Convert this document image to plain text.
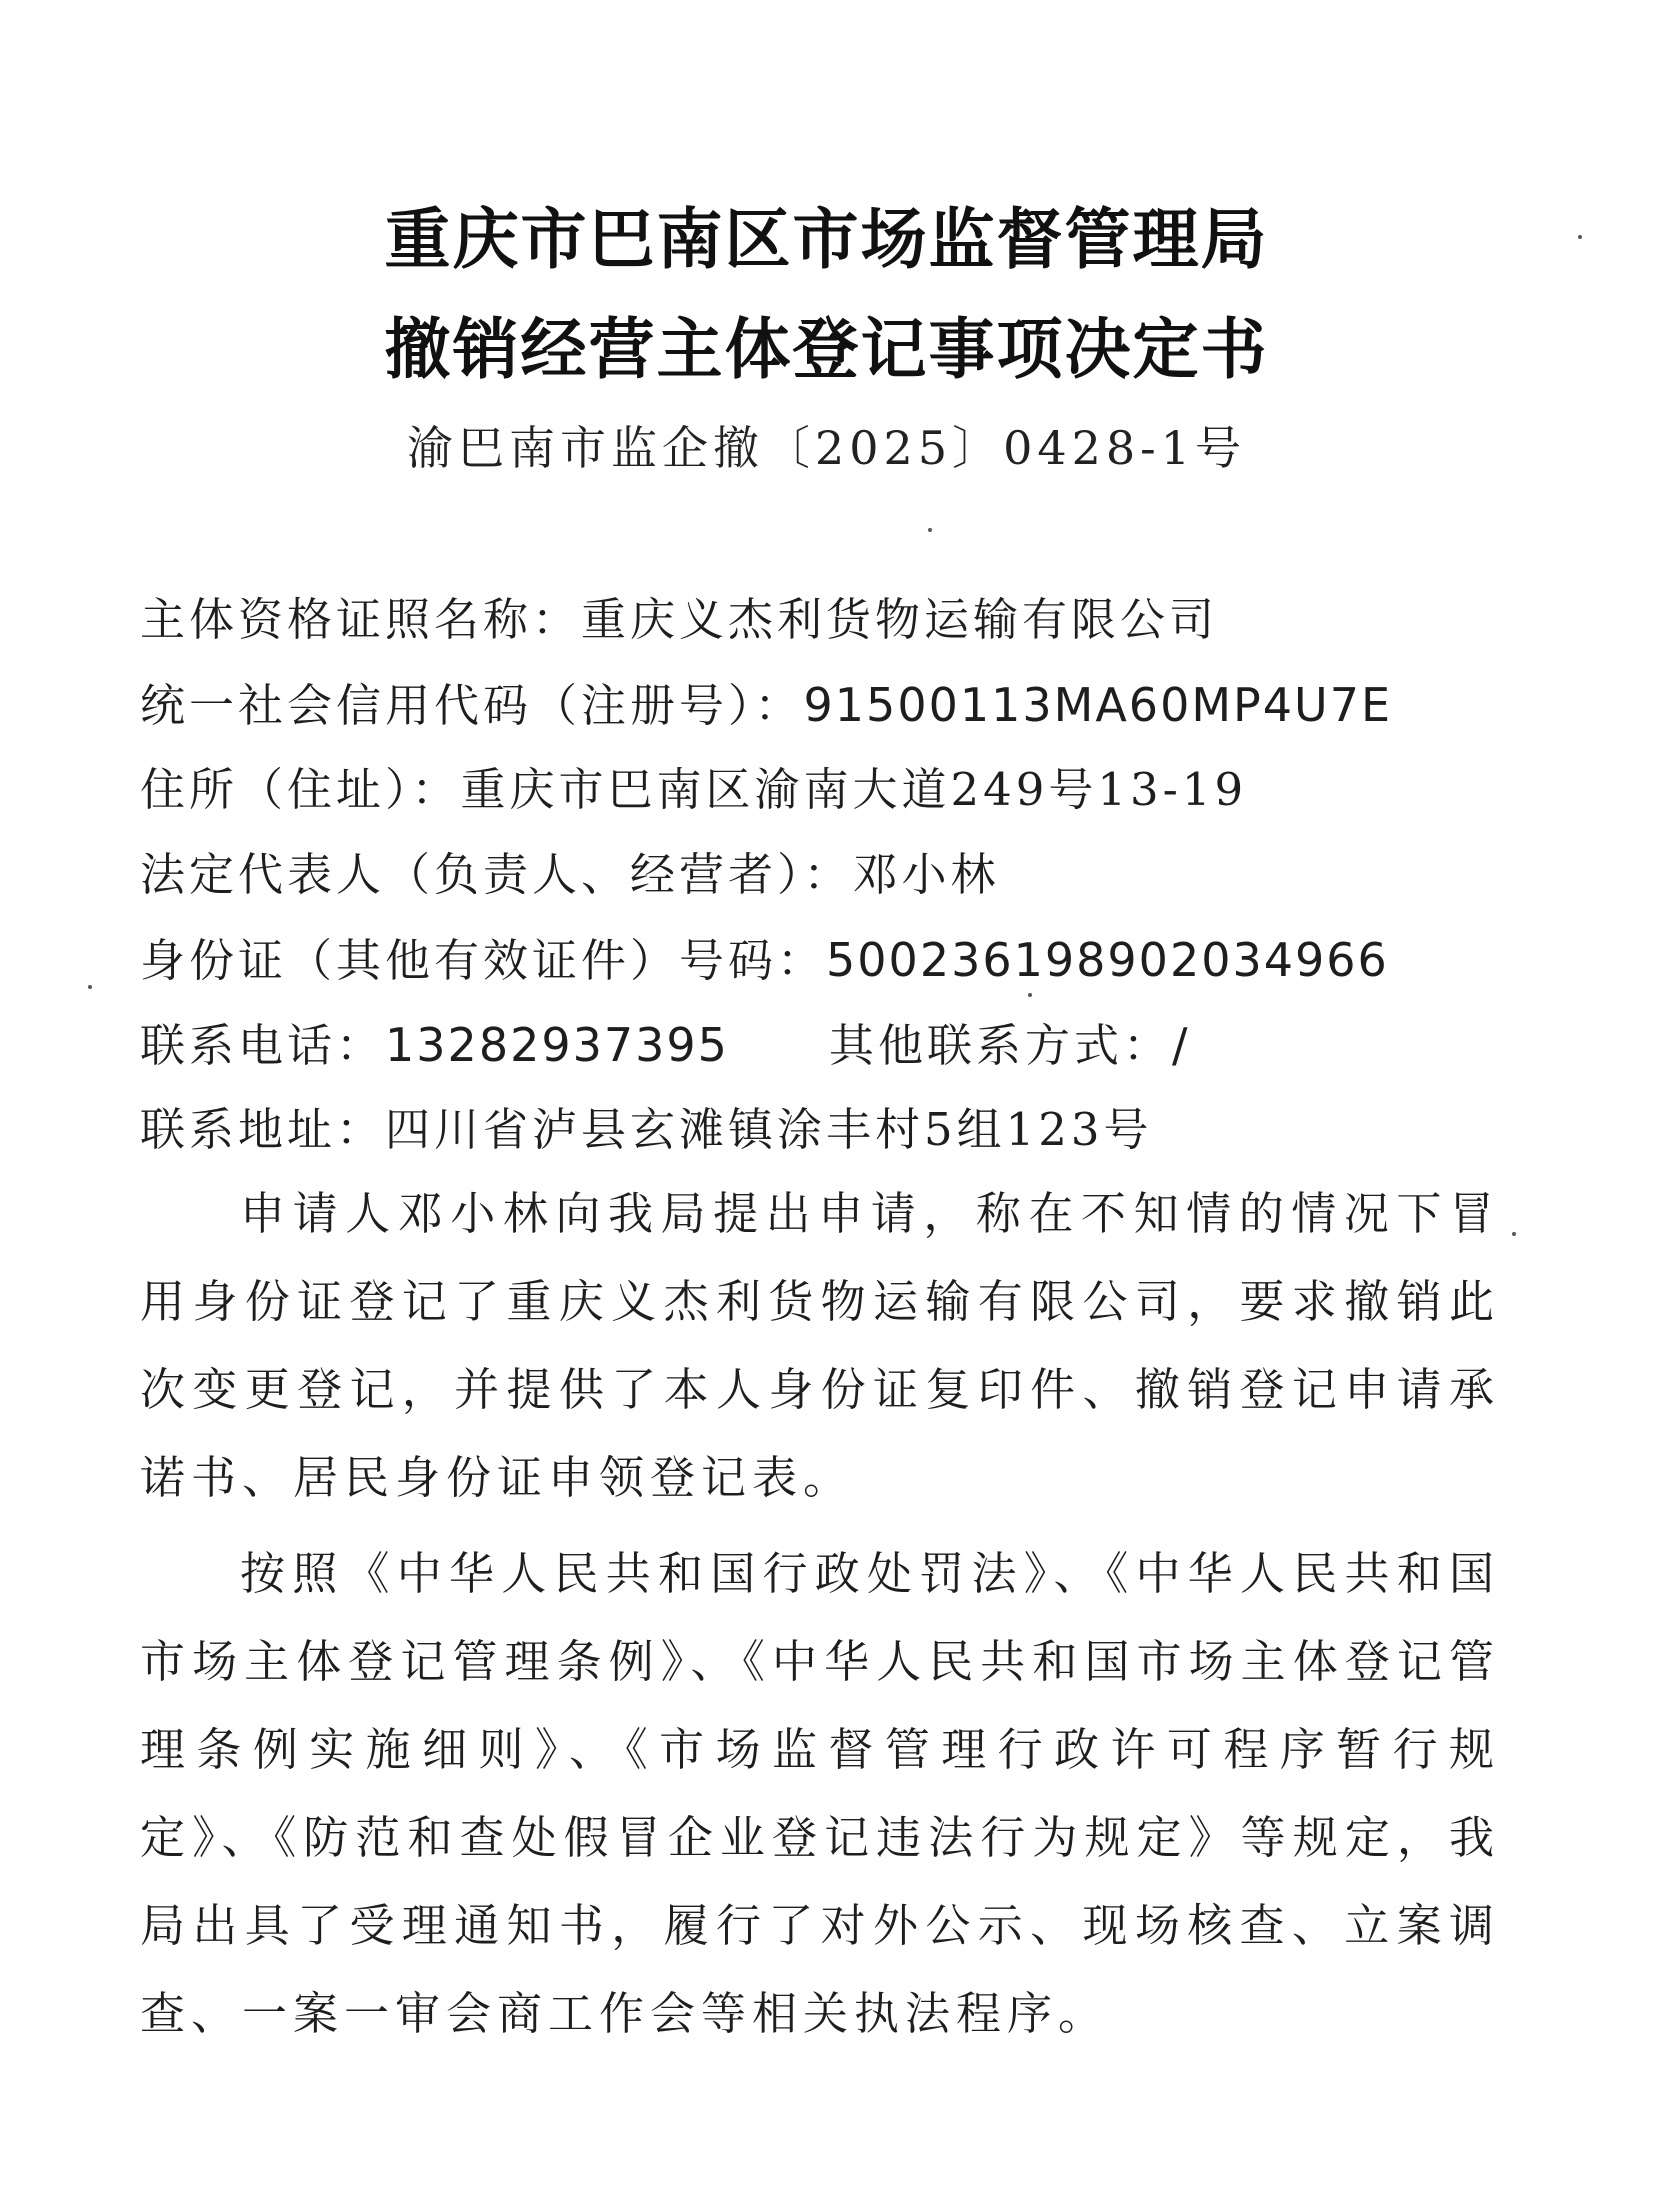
重庆市巴南区市场监督管理局
撤销经营主体登记事项决定书
渝巴南市监企撤〔2025〕0428-1号
主体资格证照名称：重庆义杰利货物运输有限公司
统一社会信用代码（注册号）：91500113MA60MP4U7E
住所（住址）：重庆市巴南区渝南大道249号13-19
法定代表人（负责人、经营者）：邓小林
身份证（其他有效证件）号码：500236198902034966
联系电话：13282937395 其他联系方式：/
联系地址：四川省泸县玄滩镇涂丰村5组123号
申请人邓小林向我局提出申请，称在不知情的情况下冒用身份证登记了重庆义杰利货物运输有限公司，要求撤销此次变更登记，并提供了本人身份证复印件、撤销登记申请承诺书、居民身份证申领登记表。
按照《中华人民共和国行政处罚法》、《中华人民共和国市场主体登记管理条例》、《中华人民共和国市场主体登记管理条例实施细则》、《市场监督管理行政许可程序暂行规定》、《防范和查处假冒企业登记违法行为规定》等规定，我局出具了受理通知书，履行了对外公示、现场核查、立案调查、一案一审会商工作会等相关执法程序。
